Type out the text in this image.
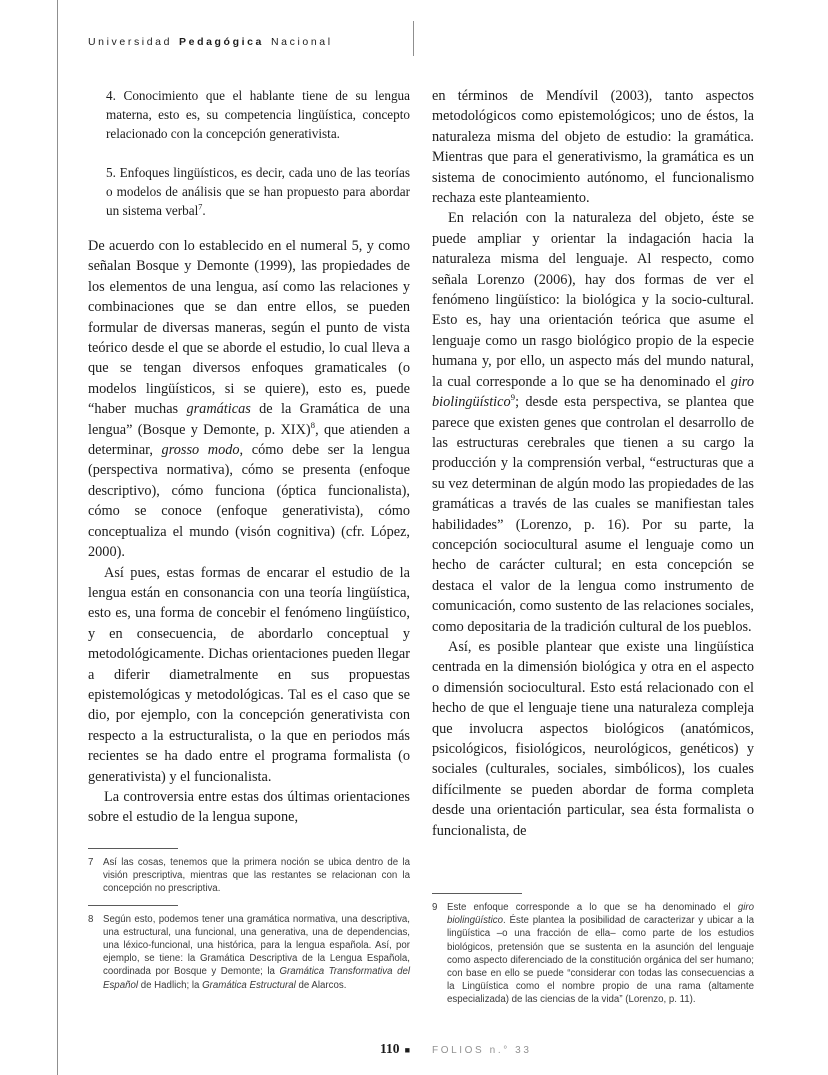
Universidad Pedagógica Nacional

4. Conocimiento que el hablante tiene de su lengua materna, esto es, su competencia lingüística, concepto relacionado con la concepción generativista.

5. Enfoques lingüísticos, es decir, cada uno de las teorías o modelos de análisis que se han propuesto para abordar un sistema verbal$^7$.

De acuerdo con lo establecido en el numeral 5, y como señalan Bosque y Demonte (1999), las propiedades de los elementos de una lengua, así como las relaciones y combinaciones que se dan entre ellos, se pueden formular de diversas maneras, según el punto de vista teórico desde el que se aborde el estudio, lo cual lleva a que se tengan diversos enfoques gramaticales (o modelos lingüísticos, si se quiere), esto es, puede “haber muchas gramáticas de la Gramática de una lengua” (Bosque y Demonte, p. XIX)$^8$, que atienden a determinar, grosso modo, cómo debe ser la lengua (perspectiva normativa), cómo se presenta (enfoque descriptivo), cómo funciona (óptica funcionalista), cómo se conoce (enfoque generativista), cómo conceptualiza el mundo (visón cognitiva) (cfr. López, 2000).

Así pues, estas formas de encarar el estudio de la lengua están en consonancia con una teoría lingüística, esto es, una forma de concebir el fenómeno lingüístico, y en consecuencia, de abordarlo conceptual y metodológicamente. Dichas orientaciones pueden llegar a diferir diametralmente en sus propuestas epistemológicas y metodológicas. Tal es el caso que se dio, por ejemplo, con la concepción generativista con respecto a la estructuralista, o la que en periodos más recientes se ha dado entre el programa formalista (o generativista) y el funcionalista.

La controversia entre estas dos últimas orientaciones sobre el estudio de la lengua supone,

en términos de Mendívil (2003), tanto aspectos metodológicos como epistemológicos; uno de éstos, la naturaleza misma del objeto de estudio: la gramática. Mientras que para el generativismo, la gramática es un sistema de conocimiento autónomo, el funcionalismo rechaza este planteamiento.

En relación con la naturaleza del objeto, éste se puede ampliar y orientar la indagación hacia la naturaleza misma del lenguaje. Al respecto, como señala Lorenzo (2006), hay dos formas de ver el fenómeno lingüístico: la biológica y la socio-cultural. Esto es, hay una orientación teórica que asume el lenguaje como un rasgo biológico propio de la especie humana y, por ello, un aspecto más del mundo natural, la cual corresponde a lo que se ha denominado el giro biolingüístico$^9$; desde esta perspectiva, se plantea que parece que existen genes que controlan el desarrollo de las estructuras cerebrales que tienen a su cargo la producción y la comprensión verbal, “estructuras que a su vez determinan de algún modo las propiedades de las gramáticas a través de las cuales se manifiestan tales habilidades” (Lorenzo, p. 16). Por su parte, la concepción sociocultural asume el lenguaje como un hecho de carácter cultural; en esta concepción se destaca el valor de la lengua como instrumento de comunicación, como sustento de las relaciones sociales, como depositaria de la tradición cultural de los pueblos.

Así, es posible plantear que existe una lingüística centrada en la dimensión biológica y otra en el aspecto o dimensión sociocultural. Esto está relacionado con el hecho de que el lenguaje tiene una naturaleza compleja que involucra aspectos biológicos (anatómicos, psicológicos, fisiológicos, neurológicos, genéticos) y sociales (culturales, sociales, simbólicos), los cuales difícilmente se pueden abordar de forma completa desde una orientación particular, sea ésta formalista o funcionalista, de

7 Así las cosas, tenemos que la primera noción se ubica dentro de la visión prescriptiva, mientras que las restantes se relacionan con la concepción no prescriptiva.
8 Según esto, podemos tener una gramática normativa, una descriptiva, una estructural, una funcional, una generativa, una de dependencias, una léxico-funcional, una histórica, para la lengua española. Así, por ejemplo, se tiene: la Gramática Descriptiva de la Lengua Española, coordinada por Bosque y Demonte; la Gramática Transformativa del Español de Hadlich; la Gramática Estructural de Alarcos.
9 Este enfoque corresponde a lo que se ha denominado el giro biolingüístico. Éste plantea la posibilidad de caracterizar y ubicar a la lingüística –o una fracción de ella– como parte de los estudios biológicos, pretensión que se sustenta en la asunción del lenguaje como aspecto diferenciado de la constitución orgánica del ser humano; con base en ello se puede “considerar con todas las consecuencias a la Lingüística como el nombre propio de una rama (altamente especializada) de las ciencias de la vida” (Lorenzo, p. 11).
110 ■ FOLIOS n.° 33
